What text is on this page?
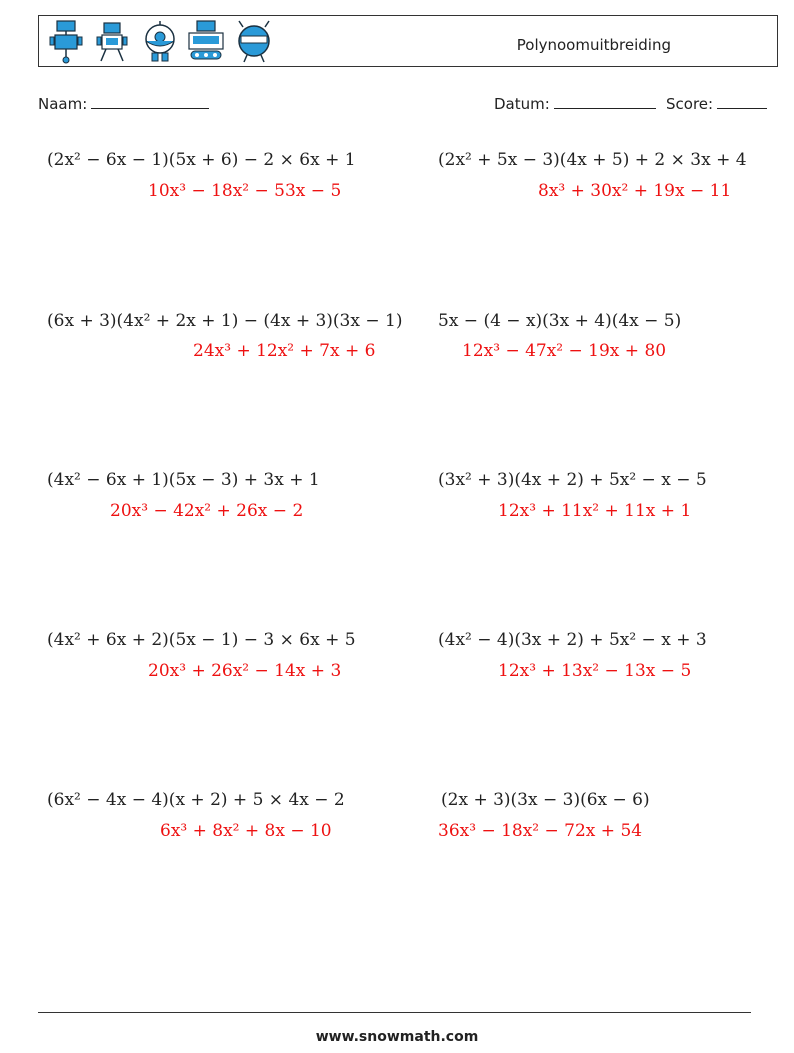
Polynoomuitbreiding
Naam:	Datum:	Score:
(2x² − 6x − 1)(5x + 6) − 2 × 6x + 1
10x³ − 18x² − 53x − 5
(2x² + 5x − 3)(4x + 5) + 2 × 3x + 4
8x³ + 30x² + 19x − 11
(6x + 3)(4x² + 2x + 1) − (4x + 3)(3x − 1)
24x³ + 12x² + 7x + 6
5x − (4 − x)(3x + 4)(4x − 5)
12x³ − 47x² − 19x + 80
(4x² − 6x + 1)(5x − 3) + 3x + 1
20x³ − 42x² + 26x − 2
(3x² + 3)(4x + 2) + 5x² − x − 5
12x³ + 11x² + 11x + 1
(4x² + 6x + 2)(5x − 1) − 3 × 6x + 5
20x³ + 26x² − 14x + 3
(4x² − 4)(3x + 2) + 5x² − x + 3
12x³ + 13x² − 13x − 5
(6x² − 4x − 4)(x + 2) + 5 × 4x − 2
6x³ + 8x² + 8x − 10
(2x + 3)(3x − 3)(6x − 6)
36x³ − 18x² − 72x + 54
www.snowmath.com
